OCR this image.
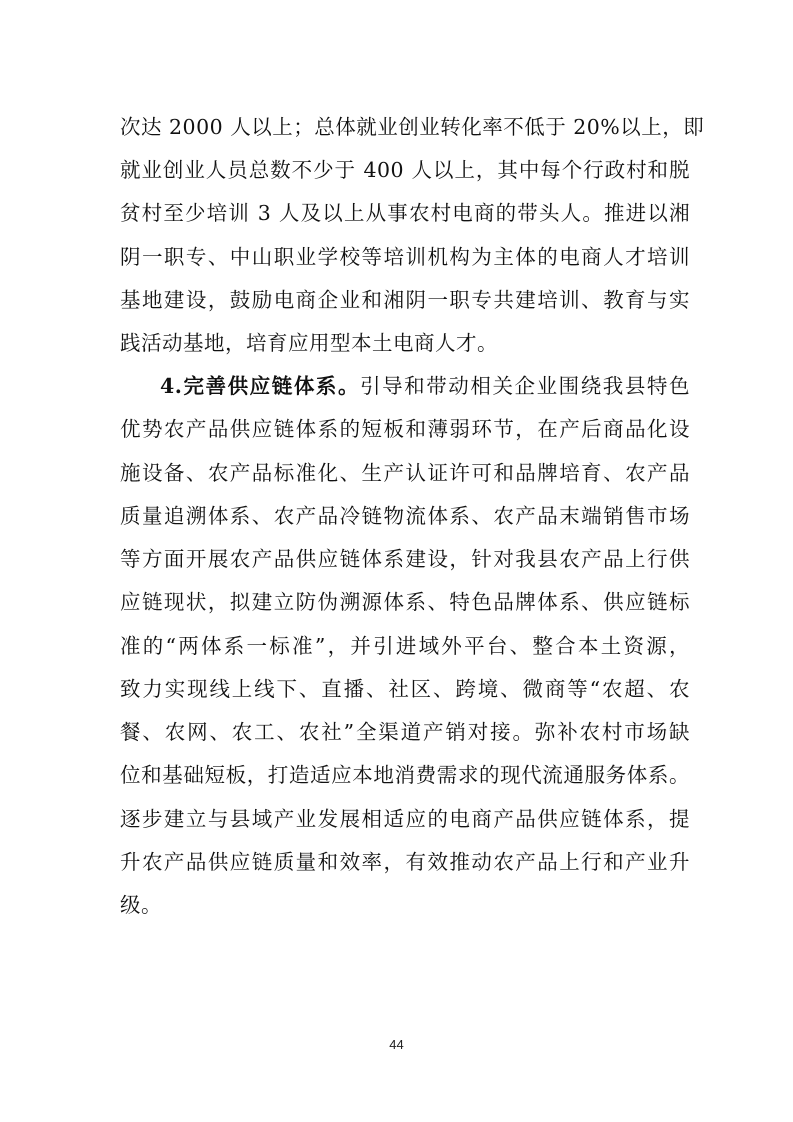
次达 2000 人以上；总体就业创业转化率不低于 20%以上，即
就业创业人员总数不少于 400 人以上，其中每个行政村和脱
贫村至少培训 3 人及以上从事农村电商的带头人。推进以湘
阴一职专、中山职业学校等培训机构为主体的电商人才培训
基地建设，鼓励电商企业和湘阴一职专共建培训、教育与实
践活动基地，培育应用型本土电商人才。
4.完善供应链体系。引导和带动相关企业围绕我县特色
优势农产品供应链体系的短板和薄弱环节，在产后商品化设
施设备、农产品标准化、生产认证许可和品牌培育、农产品
质量追溯体系、农产品冷链物流体系、农产品末端销售市场
等方面开展农产品供应链体系建设，针对我县农产品上行供
应链现状，拟建立防伪溯源体系、特色品牌体系、供应链标
准的“两体系一标准”，并引进域外平台、整合本土资源，
致力实现线上线下、直播、社区、跨境、微商等“农超、农
餐、农网、农工、农社”全渠道产销对接。弥补农村市场缺
位和基础短板，打造适应本地消费需求的现代流通服务体系。
逐步建立与县域产业发展相适应的电商产品供应链体系，提
升农产品供应链质量和效率，有效推动农产品上行和产业升
级。
44
